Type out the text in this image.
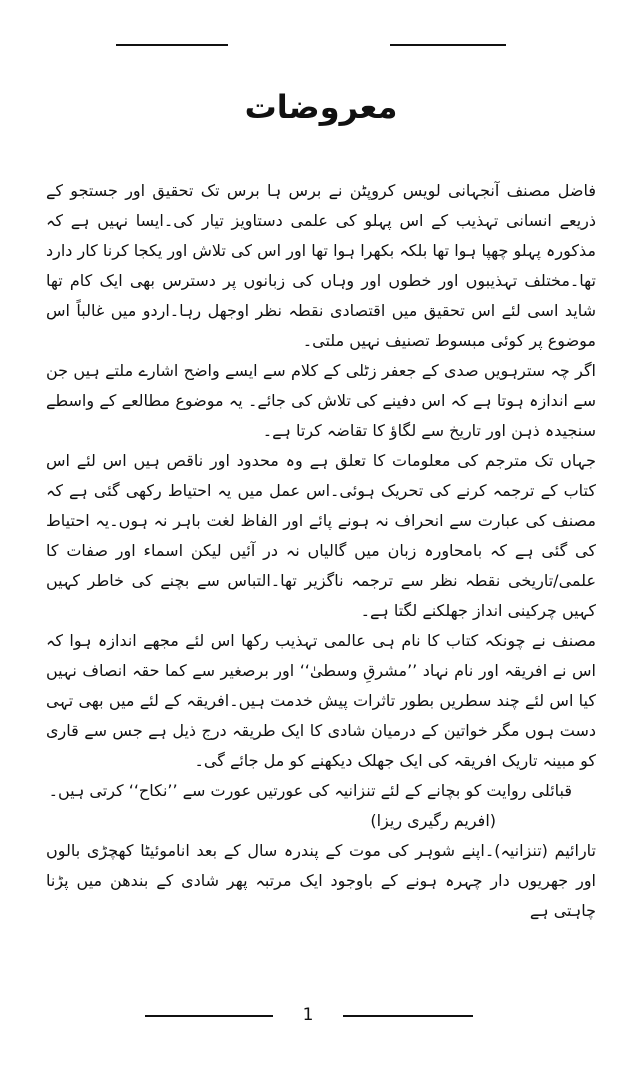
معروضات

فاضل مصنف آنجہانی لویس کروپٹن نے برس ہا برس تک تحقیق اور جستجو کے ذریعے انسانی تہذیب کے اس پہلو کی علمی دستاویز تیار کی۔ایسا نہیں ہے کہ مذکورہ پہلو چھپا ہوا تھا بلکہ بکھرا ہوا تھا اور اس کی تلاش اور یکجا کرنا کار دارد تھا۔مختلف تہذیبوں اور خطوں اور وہاں کی زبانوں پر دسترس بھی ایک کام تھا شاید اسی لئے اس تحقیق میں اقتصادی نقطہ نظر اوجھل رہا۔اردو میں غالباً اس موضوع پر کوئی مبسوط تصنیف نہیں ملتی۔

اگر چہ سترہویں صدی کے جعفر زٹلی کے کلام سے ایسے واضح اشارے ملتے ہیں جن سے اندازہ ہوتا ہے کہ اس دفینے کی تلاش کی جائے۔ یہ موضوع مطالعے کے واسطے سنجیدہ ذہن اور تاریخ سے لگاؤ کا تقاضہ کرتا ہے۔

جہاں تک مترجم کی معلومات کا تعلق ہے وہ محدود اور ناقص ہیں اس لئے اس کتاب کے ترجمہ کرنے کی تحریک ہوئی۔اس عمل میں یہ احتیاط رکھی گئی ہے کہ مصنف کی عبارت سے انحراف نہ ہونے پائے اور الفاظ لغت باہر نہ ہوں۔یہ احتیاط کی گئی ہے کہ بامحاورہ زبان میں گالیاں نہ در آئیں لیکن اسماء اور صفات کا علمی/تاریخی نقطہ نظر سے ترجمہ ناگزیر تھا۔التباس سے بچنے کی خاطر کہیں کہیں چرکینی انداز جھلکنے لگتا ہے۔

مصنف نے چونکہ کتاب کا نام ہی عالمی تہذیب رکھا اس لئے مجھے اندازہ ہوا کہ اس نے افریقہ اور نام نہاد ’’مشرقِ وسطیٰ‘‘ اور برصغیر سے کما حقہ انصاف نہیں کیا اس لئے چند سطریں بطور تاثرات پیش خدمت ہیں۔افریقہ کے لئے میں بھی تہی دست ہوں مگر خواتین کے درمیان شادی کا ایک طریقہ درج ذیل ہے جس سے قاری کو مبینہ تاریک افریقہ کی ایک جھلک دیکھنے کو مل جائے گی۔

قبائلی روایت کو بچانے کے لئے تنزانیہ کی عورتیں عورت سے ’’نکاح‘‘ کرتی ہیں۔

(افریم رگیری ریزا)

تارائیم (تنزانیہ)۔اپنے شوہر کی موت کے پندرہ سال کے بعد اناموئیٹا کھچڑی بالوں اور جھریوں دار چہرہ ہونے کے باوجود ایک مرتبہ پھر شادی کے بندھن میں پڑنا چاہتی ہے

1
